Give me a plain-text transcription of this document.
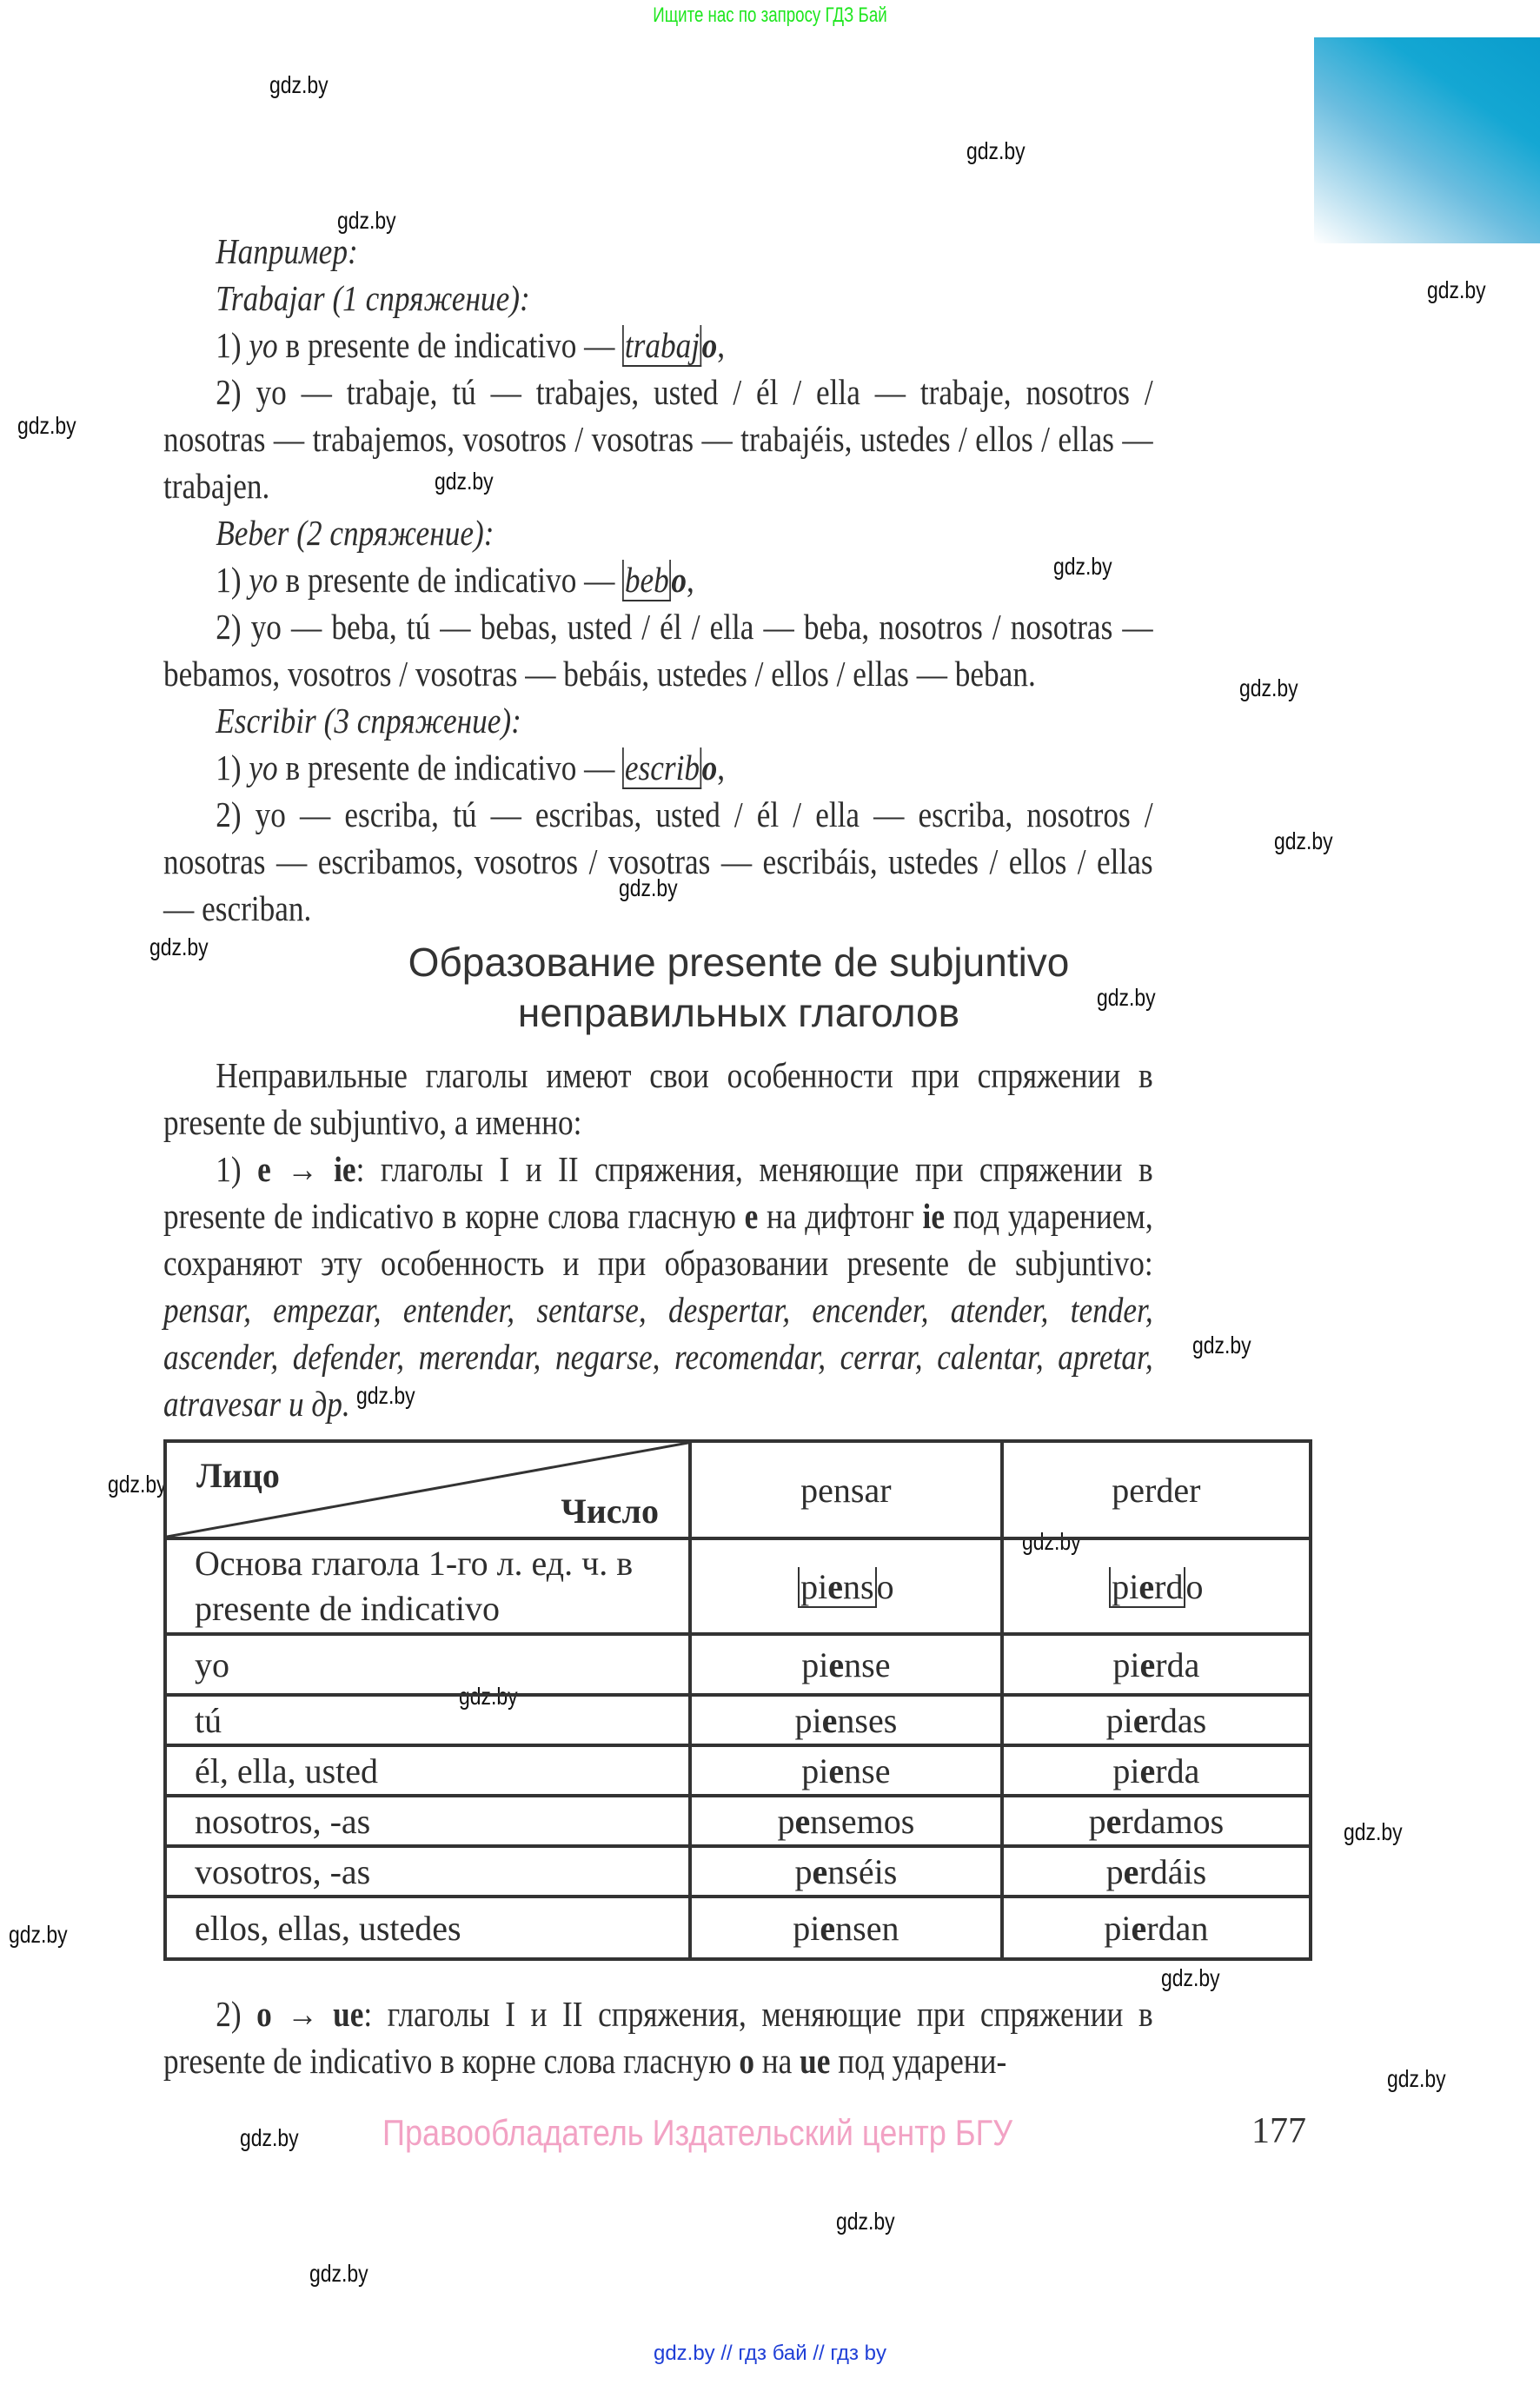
Ищите нас по запросу ГДЗ Бай
gdz.by
gdz.by
gdz.by
gdz.by
gdz.by
gdz.by
gdz.by
gdz.by
gdz.by
gdz.by
gdz.by
gdz.by
gdz.by
gdz.by
gdz.by
gdz.by
gdz.by
gdz.by
gdz.by
gdz.by
gdz.by
gdz.by
gdz.by
gdz.by

Например:

Trabajar (1 спряжение):

1) yo в presente de indicativo — trabajo,

2) yo — trabaje, tú — trabajes, usted / él / ella — trabaje, nosotros / nosotras — trabajemos, vosotros / vosotras — trabajéis, ustedes / ellos / ellas — trabajen.

Beber (2 спряжение):

1) yo в presente de indicativo — bebo,

2) yo — beba, tú — bebas, usted / él / ella — beba, nosotros / nosotras — bebamos, vosotros / vosotras — bebáis, ustedes / ellos / ellas — beban.

Escribir (3 спряжение):

1) yo в presente de indicativo — escribo,

2) yo — escriba, tú — escribas, usted / él / ella — escriba, nosotros / nosotras — escribamos, vosotros / vosotras — escribáis, ustedes / ellos / ellas — escriban.

Образование presente de subjuntivo
неправильных глаголов

Неправильные глаголы имеют свои особенности при спряжении в presente de subjuntivo, а именно:

1) e → ie: глаголы I и II спряжения, меняющие при спряжении в presente de indicativo в корне слова гласную e на дифтонг ie под ударением, сохраняют эту особенность и при образовании presente de subjuntivo: pensar, empezar, entender, sentarse, despertar, encender, atender, tender, ascender, defender, merendar, negarse, recomendar, cerrar, calentar, apretar, atravesar и др.

Лицо
Число	pensar	perder
Основа глагола 1-го л. ед. ч. в presente de indicativo	pienso	pierdo
yo	piense	pierda
tú	pienses	pierdas
él, ella, usted	piense	pierda
nosotros, -as	pensemos	perdamos
vosotros, -as	penséis	perdáis
ellos, ellas, ustedes	piensen	pierdan

2) o → ue: глаголы I и II спряжения, меняющие при спряжении в presente de indicativo в корне слова гласную o на ue под ударени-

Правообладатель Издательский центр БГУ	177
gdz.by // гдз бай // гдз by
